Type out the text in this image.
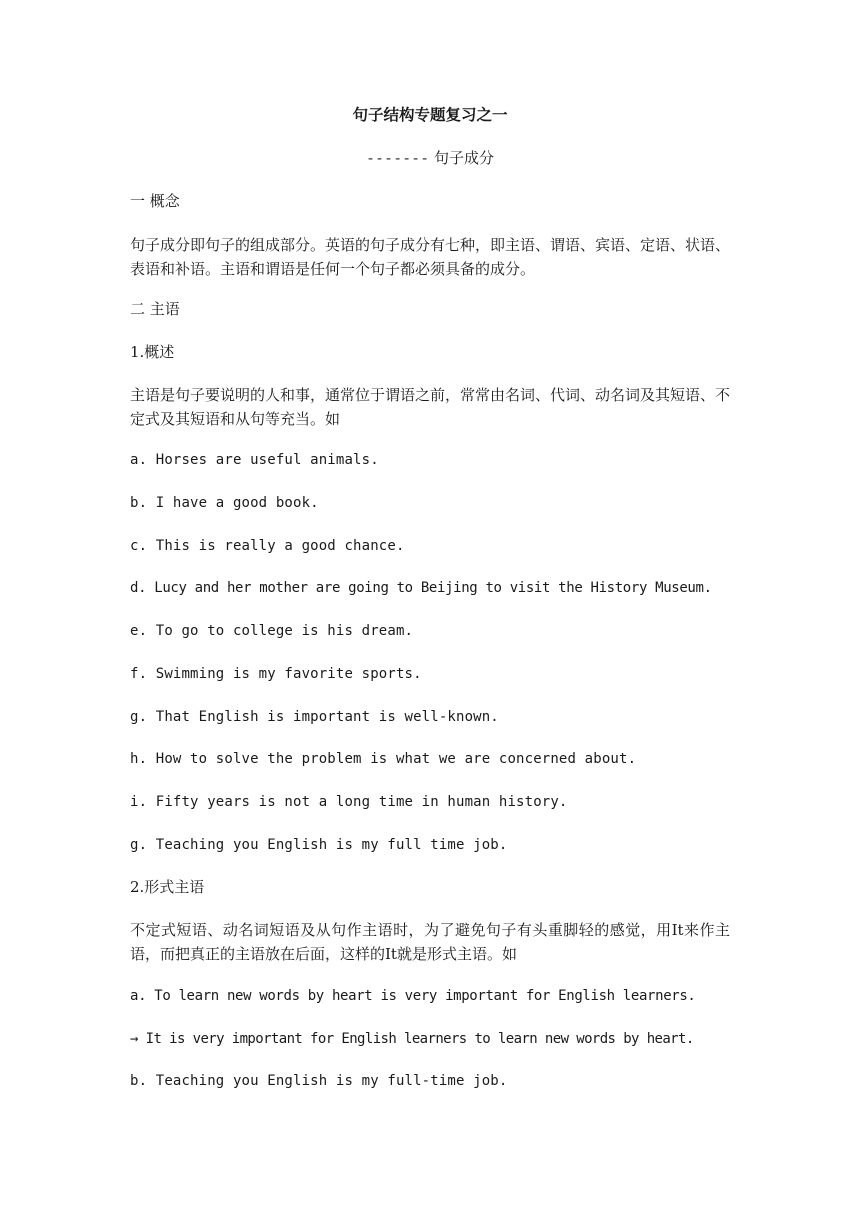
句子结构专题复习之一
------- 句子成分
一 概念
句子成分即句子的组成部分。英语的句子成分有七种，即主语、谓语、宾语、定语、状语、表语和补语。主语和谓语是任何一个句子都必须具备的成分。
二 主语
1.概述
主语是句子要说明的人和事，通常位于谓语之前，常常由名词、代词、动名词及其短语、不定式及其短语和从句等充当。如
a. Horses are useful animals.
b. I have a good book.
c. This is really a good chance.
d. Lucy and her mother are going to Beijing to visit the History Museum.
e. To go to college is his dream.
f. Swimming is my favorite sports.
g. That English is important is well-known.
h. How to solve the problem is what we are concerned about.
i. Fifty years is not a long time in human history.
g. Teaching you English is my full time job.
2.形式主语
不定式短语、动名词短语及从句作主语时，为了避免句子有头重脚轻的感觉，用It来作主语，而把真正的主语放在后面，这样的It就是形式主语。如
a. To learn new words by heart is very important for English learners.
→ It is very important for English learners to learn new words by heart.
b. Teaching you English is my full-time job.
